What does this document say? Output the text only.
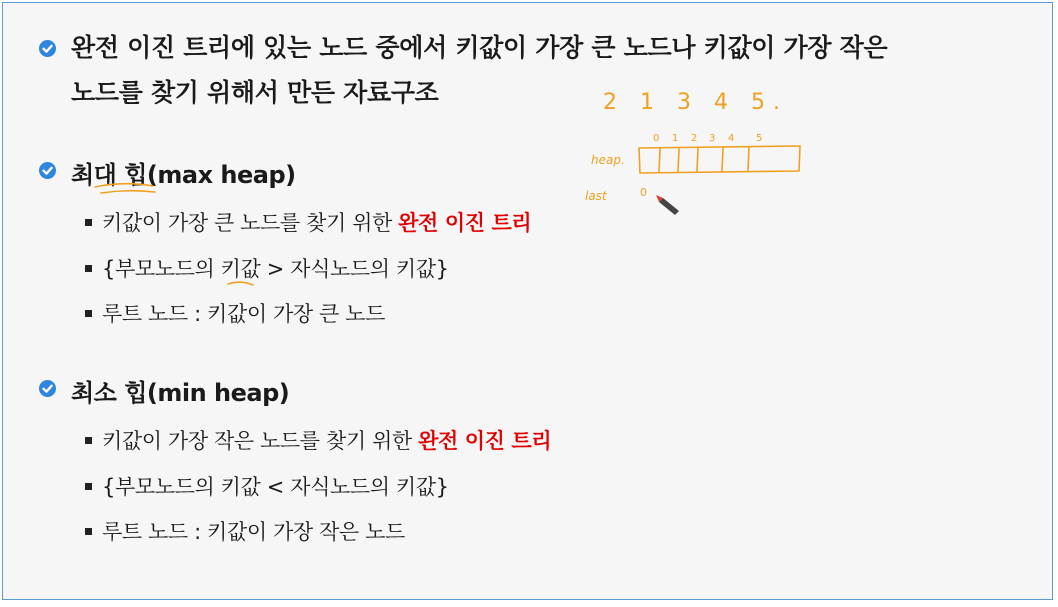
완전 이진 트리에 있는 노드 중에서 키값이 가장 큰 노드나 키값이 가장 작은
노드를 찾기 위해서 만든 자료구조
최대 힙(max heap)
키값이 가장 큰 노드를 찾기 위한 완전 이진 트리
{부모노드의 키값 > 자식노드의 키값}
루트 노드 : 키값이 가장 큰 노드
최소 힙(min heap)
키값이 가장 작은 노드를 찾기 위한 완전 이진 트리
{부모노드의 키값 < 자식노드의 키값}
루트 노드 : 키값이 가장 작은 노드
2 1 3 4 5.
heap.
last	0
0 1 2 3 4 5
